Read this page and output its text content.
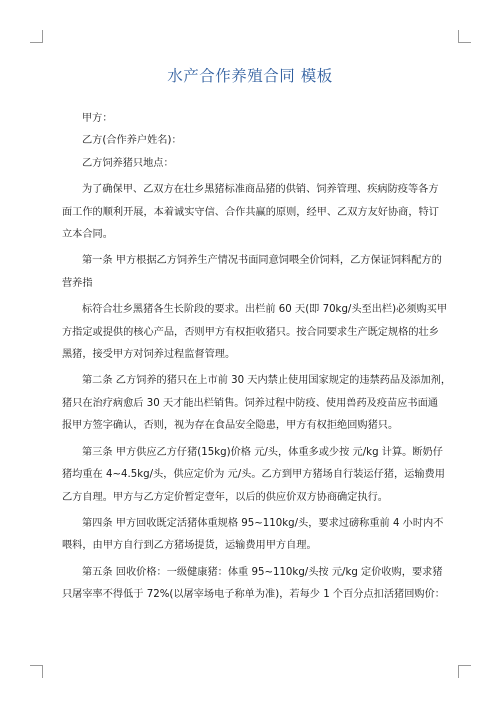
水产合作养殖合同 模板
甲方：
乙方(合作养户姓名)：
乙方饲养猪只地点：
为了确保甲、乙双方在壮乡黑猪标准商品猪的供销、饲养管理、疾病防疫等各方
面工作的顺利开展，本着诚实守信、合作共赢的原则，经甲、乙双方友好协商，特订
立本合同。
第一条 甲方根据乙方饲养生产情况书面同意饲喂全价饲料，乙方保证饲料配方的
营养指
标符合壮乡黑猪各生长阶段的要求。出栏前 60 天(即 70kg/头至出栏)必须购买甲
方指定或提供的核心产品，否则甲方有权拒收猪只。按合同要求生产既定规格的壮乡
黑猪，接受甲方对饲养过程监督管理。
第二条 乙方饲养的猪只在上市前 30 天内禁止使用国家规定的违禁药品及添加剂，
猪只在治疗病愈后 30 天才能出栏销售。饲养过程中防疫、使用兽药及疫苗应书面通
报甲方签字确认，否则，视为存在食品安全隐患，甲方有权拒绝回购猪只。
第三条 甲方供应乙方仔猪(15kg)价格 元/头，体重多或少按 元/kg 计算。断奶仔
猪均重在 4~4.5kg/头，供应定价为 元/头。乙方到甲方猪场自行装运仔猪，运输费用
乙方自理。甲方与乙方定价暂定壹年，以后的供应价双方协商确定执行。
第四条 甲方回收既定活猪体重规格 95~110kg/头，要求过磅称重前 4 小时内不
喂料，由甲方自行到乙方猪场提货，运输费用甲方自理。
第五条 回收价格：一级健康猪：体重 95~110kg/头按 元/kg 定价收购，要求猪
只屠宰率不得低于 72%(以屠宰场电子称单为准)，若每少 1 个百分点扣活猪回购价：
